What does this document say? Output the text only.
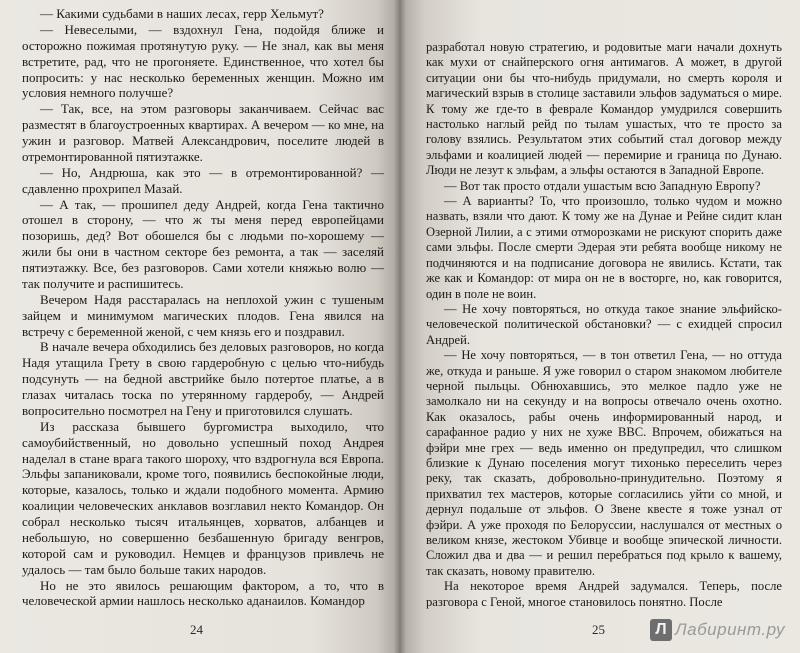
— Какими судьбами в наших лесах, герр Хельмут?

— Невеселыми, — вздохнул Гена, подойдя ближе и осторожно пожимая протянутую руку. — Не знал, как вы меня встретите, рад, что не прогоняете. Единственное, что хотел бы попросить: у нас несколько беременных женщин. Можно им условия немного получше?

— Так, все, на этом разговоры заканчиваем. Сейчас вас разместят в благоустроенных квартирах. А вечером — ко мне, на ужин и разговор. Матвей Александрович, поселите людей в отремонтированной пятиэтажке.

— Но, Андрюша, как это — в отремонтированной? — сдавленно прохрипел Мазай.

— А так, — прошипел деду Андрей, когда Гена тактично отошел в сторону, — что ж ты меня перед европейцами позоришь, дед? Вот обошелся бы с людьми по-хорошему — жили бы они в частном секторе без ремонта, а так — заселяй пятиэтажку. Все, без разговоров. Сами хотели княжью волю — так получите и распишитесь.

Вечером Надя расстаралась на неплохой ужин с тушеным зайцем и минимумом магических плодов. Гена явился на встречу с беременной женой, с чем князь его и поздравил.

В начале вечера обходились без деловых разговоров, но когда Надя утащила Грету в свою гардеробную с целью что-нибудь подсунуть — на бедной австрийке было потертое платье, а в глазах читалась тоска по утерянному гардеробу, — Андрей вопросительно посмотрел на Гену и приготовился слушать.

Из рассказа бывшего бургомистра выходило, что самоубийственный, но довольно успешный поход Андрея наделал в стане врага такого шороху, что вздрогнула вся Европа. Эльфы запаниковали, кроме того, появились беспокойные люди, которые, казалось, только и ждали подобного момента. Армию коалиции человеческих анклавов возглавил некто Командор. Он собрал несколько тысяч итальянцев, хорватов, албанцев и небольшую, но совершенно безбашенную бригаду венгров, которой сам и руководил. Немцев и французов привлечь не удалось — там было больше таких народов.

Но не это явилось решающим фактором, а то, что в человеческой армии нашлось несколько аданаилов. Командор

24

разработал новую стратегию, и родовитые маги начали дохнуть как мухи от снайперского огня антимагов. А может, в другой ситуации они бы что-нибудь придумали, но смерть короля и магический взрыв в столице заставили эльфов задуматься о мире. К тому же где-то в феврале Командор умудрился совершить настолько наглый рейд по тылам ушастых, что те просто за голову взялись. Результатом этих событий стал договор между эльфами и коалицией людей — перемирие и граница по Дунаю. Люди не лезут к эльфам, а эльфы остаются в Западной Европе.

— Вот так просто отдали ушастым всю Западную Европу?

— А варианты? То, что произошло, только чудом и можно назвать, взяли что дают. К тому же на Дунае и Рейне сидит клан Озерной Лилии, а с этими отморозками не рискуют спорить даже сами эльфы. После смерти Эдерая эти ребята вообще никому не подчиняются и на подписание договора не явились. Кстати, так же как и Командор: от мира он не в восторге, но, как говорится, один в поле не воин.

— Не хочу повторяться, но откуда такое знание эльфийско-человеческой политической обстановки? — с ехидцей спросил Андрей.

— Не хочу повторяться, — в тон ответил Гена, — но оттуда же, откуда и раньше. Я уже говорил о старом знакомом любителе черной пыльцы. Обнюхавшись, это мелкое падло уже не замолкало ни на секунду и на вопросы отвечало очень охотно. Как оказалось, рабы очень информированный народ, и сарафанное радио у них не хуже BBC. Впрочем, обижаться на фэйри мне грех — ведь именно он предупредил, что слишком близкие к Дунаю поселения могут тихонько переселить через реку, так сказать, добровольно-принудительно. Поэтому я прихватил тех мастеров, которые согласились уйти со мной, и дернул подальше от эльфов. О Звене квесте я тоже узнал от фэйри. А уже проходя по Белоруссии, наслушался от местных о великом князе, жестоком Убивце и вообще эпической личности. Сложил два и два — и решил перебраться под крыло к вашему, так сказать, новому правителю.

На некоторое время Андрей задумался. Теперь, после разговора с Геной, многое становилось понятно. После

25	Л Лабиринт.ру
